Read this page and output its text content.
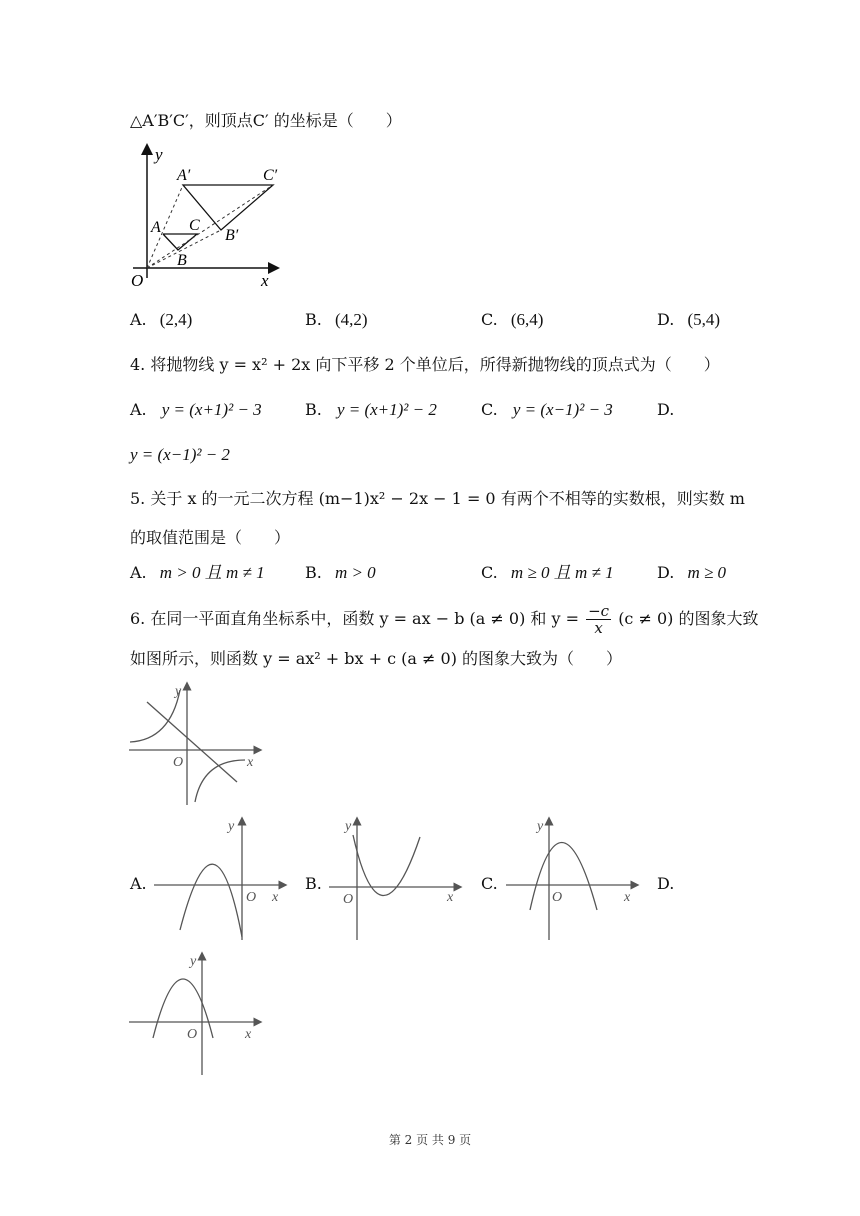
△A′B′C′，则顶点C′ 的坐标是（　　）
y
x
O
A
B
C
A′
B′
C′
A. (2,4)	B. (4,2)	C. (6,4)	D. (5,4)
4. 将抛物线 y = x² + 2x 向下平移 2 个单位后，所得新抛物线的顶点式为（　　）
A. y = (x+1)² − 3	B. y = (x+1)² − 2	C. y = (x−1)² − 3	D.
y = (x−1)² − 2
5. 关于 x 的一元二次方程 (m−1)x² − 2x − 1 = 0 有两个不相等的实数根，则实数 m
的取值范围是（　　）
A. m > 0 且 m ≠ 1	B. m > 0	C. m ≥ 0 且 m ≠ 1	D. m ≥ 0
6. 在同一平面直角坐标系中，函数 y = ax − b (a ≠ 0) 和 $y = \frac{-c}{x} (c \ne 0)$ 的图象大致
如图所示，则函数 y = ax² + bx + c (a ≠ 0) 的图象大致为（　　）
y
x
O
A.
y
x
O
B.
y
x
O
C.
y
x
O
D.
y
x
O
第 2 页 共 9 页
